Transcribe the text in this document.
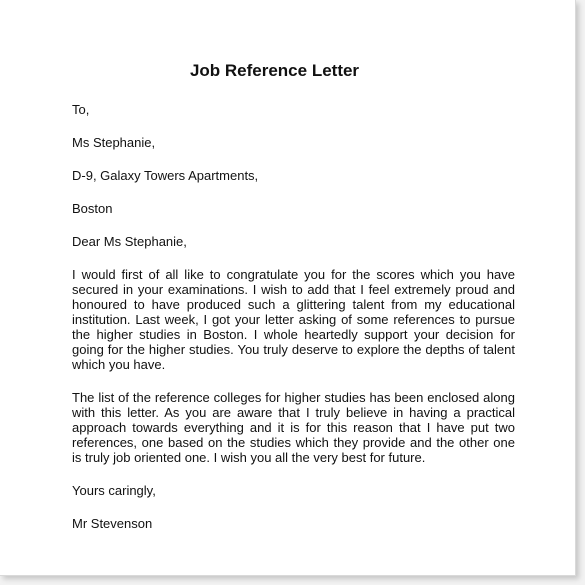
Job Reference Letter

To,

Ms Stephanie,

D-9, Galaxy Towers Apartments,

Boston

Dear Ms Stephanie,

I would first of all like to congratulate you for the scores which you have secured in your examinations. I wish to add that I feel extremely proud and honoured to have produced such a glittering talent from my educational institution. Last week, I got your letter asking of some references to pursue the higher studies in Boston. I whole heartedly support your decision for going for the higher studies. You truly deserve to explore the depths of talent which you have.

The list of the reference colleges for higher studies has been enclosed along with this letter. As you are aware that I truly believe in having a practical approach towards everything and it is for this reason that I have put two references, one based on the studies which they provide and the other one is truly job oriented one. I wish you all the very best for future.

Yours caringly,

Mr Stevenson
